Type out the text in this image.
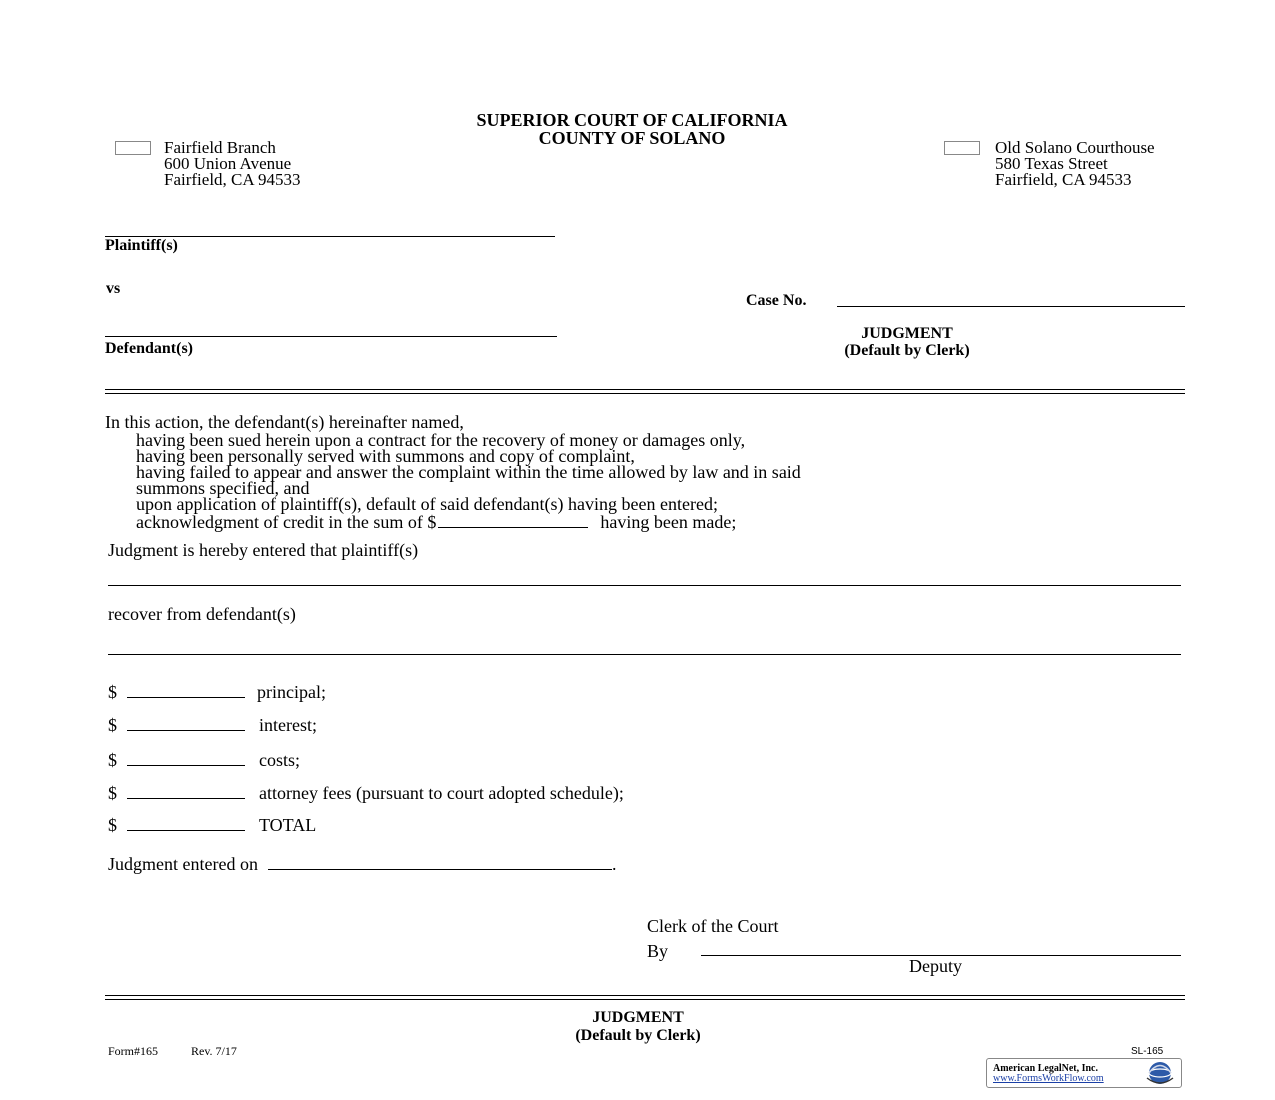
SUPERIOR COURT OF CALIFORNIA
COUNTY OF SOLANO
Fairfield Branch
600 Union Avenue
Fairfield, CA 94533
Old Solano Courthouse
580 Texas Street
Fairfield, CA 94533
Plaintiff(s)
vs
Defendant(s)
Case No.
JUDGMENT
(Default by Clerk)
In this action, the defendant(s) hereinafter named,
having been sued herein upon a contract for the recovery of money or damages only,
having been personally served with summons and copy of complaint,
having failed to appear and answer the complaint within the time allowed by law and in said
summons specified, and
upon application of plaintiff(s), default of said defendant(s) having been entered;
acknowledgment of credit in the sum of $	having been made;
Judgment is hereby entered that plaintiff(s)
recover from defendant(s)
$	principal;
$	interest;
$	costs;
$	attorney fees (pursuant to court adopted schedule);
$	TOTAL
Judgment entered on	.
Clerk of the Court
By
Deputy
JUDGMENT
(Default by Clerk)
Form#165	Rev. 7/17	SL-165
American LegalNet, Inc.
www.FormsWorkFlow.com
